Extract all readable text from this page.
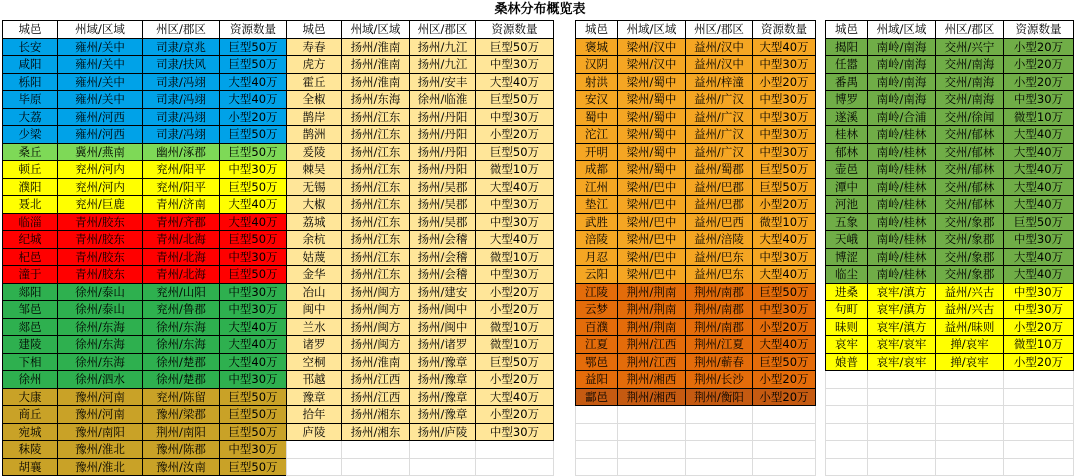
桑林分布概览表
城邑	州域/区域	州区/郡区	资源数量
长安	雍州/关中	司隶/京兆	巨型50万
咸阳	雍州/关中	司隶/扶风	巨型50万
栎阳	雍州/关中	司隶/冯翊	大型40万
毕原	雍州/关中	司隶/冯翊	大型40万
大荔	雍州/河西	司隶/冯翊	小型20万
少梁	雍州/河西	司隶/冯翊	巨型50万
桑丘	冀州/燕南	幽州/涿郡	巨型50万
顿丘	兖州/河内	兖州/阳平	中型30万
濮阳	兖州/河内	兖州/阳平	巨型50万
聂北	兖州/巨鹿	青州/济南	大型40万
临淄	青州/胶东	青州/齐郡	大型40万
纪城	青州/胶东	青州/北海	巨型50万
杞邑	青州/胶东	青州/北海	中型30万
潼于	青州/胶东	青州/北海	巨型50万
郯阳	徐州/泰山	兖州/山阳	中型30万
邹邑	徐州/泰山	兖州/鲁郡	中型30万
郯邑	徐州/东海	徐州/东海	大型40万
建陵	徐州/东海	徐州/东海	大型40万
下相	徐州/东海	徐州/楚郡	大型40万
徐州	徐州/泗水	徐州/楚郡	中型30万
大康	豫州/河南	兖州/陈留	巨型50万
商丘	豫州/河南	豫州/梁郡	巨型50万
宛城	豫州/南阳	荆州/南阳	巨型50万
秣陵	豫州/淮北	豫州/陈郡	中型30万
胡襄	豫州/淮北	豫州/汝南	巨型50万
城邑	州域/区域	州区/郡区	资源数量
寿春	扬州/淮南	扬州/九江	巨型50万
虎方	扬州/淮南	扬州/九江	中型30万
霍丘	扬州/淮南	扬州/安丰	大型40万
全椒	扬州/东海	徐州/临淮	巨型50万
鹊岸	扬州/江东	扬州/丹阳	中型30万
鹊洲	扬州/江东	扬州/丹阳	小型20万
爰陵	扬州/江东	扬州/丹阳	巨型50万
棘吴	扬州/江东	扬州/丹阳	微型10万
无锡	扬州/江东	扬州/吴郡	大型40万
大椒	扬州/江东	扬州/吴郡	中型30万
荔城	扬州/江东	扬州/吴郡	中型30万
余杭	扬州/江东	扬州/会稽	大型40万
姑蔑	扬州/江东	扬州/会稽	微型10万
金华	扬州/江东	扬州/会稽	中型30万
冶山	扬州/闽方	扬州/建安	小型20万
闽中	扬州/闽方	扬州/闽中	小型20万
兰水	扬州/闽方	扬州/闽中	微型10万
诸罗	扬州/闽方	扬州/诸罗	微型10万
空桐	扬州/淮南	扬州/豫章	巨型50万
邗越	扬州/江西	扬州/豫章	小型20万
豫章	扬州/江西	扬州/豫章	大型40万
拾年	扬州/湘东	扬州/豫章	小型20万
庐陵	扬州/湘东	扬州/庐陵	中型30万

城邑	州域/区域	州区/郡区	资源数量
褒城	梁州/汉中	益州/汉中	大型40万
汉阴	梁州/汉中	益州/汉中	中型30万
射洪	梁州/蜀中	益州/梓潼	小型20万
安汉	梁州/蜀中	益州/广汉	中型30万
蜀中	梁州/蜀中	益州/广汉	中型30万
沱江	梁州/蜀中	益州/广汉	中型30万
开明	梁州/蜀中	益州/广汉	中型30万
成都	梁州/蜀中	益州/蜀郡	巨型50万
江州	梁州/巴中	益州/巴郡	巨型50万
垫江	梁州/巴中	益州/巴郡	小型20万
武胜	梁州/巴中	益州/巴西	微型10万
涪陵	梁州/巴中	益州/涪陵	大型40万
月忍	梁州/巴中	益州/巴东	中型30万
云阳	梁州/巴中	益州/巴东	大型40万
江陵	荆州/荆南	荆州/南郡	巨型50万
云梦	荆州/荆南	荆州/南郡	中型30万
百濮	荆州/荆南	荆州/南郡	小型20万
江夏	荆州/江西	荆州/江夏	大型40万
鄂邑	荆州/江西	荆州/蕲春	巨型50万
益阳	荆州/湘西	荆州/长沙	小型20万
酃邑	荆州/湘西	荆州/衡阳	小型20万

城邑	州域/区域	州区/郡区	资源数量
揭阳	南岭/南海	交州/兴宁	小型20万
任嚣	南岭/南海	交州/南海	小型20万
番禺	南岭/南海	交州/南海	小型20万
博罗	南岭/南海	交州/南海	中型30万
遂溪	南岭/合浦	交州/徐闻	微型10万
桂林	南岭/桂林	交州/郁林	大型40万
郁林	南岭/桂林	交州/郁林	大型40万
壶邑	南岭/桂林	交州/郁林	大型40万
潭中	南岭/桂林	交州/郁林	大型40万
河池	南岭/桂林	交州/郁林	大型40万
五象	南岭/桂林	交州/象郡	巨型50万
天峨	南岭/桂林	交州/象郡	中型30万
博涩	南岭/桂林	交州/象郡	大型40万
临尘	南岭/桂林	交州/象郡	大型40万
进桑	哀牢/滇方	益州/兴古	中型30万
句町	哀牢/滇方	益州/兴古	中型30万
昧则	哀牢/滇方	益州/昧则	小型20万
哀牢	哀牢/哀牢	掸/哀牢	微型10万
娘普	哀牢/哀牢	掸/哀牢	小型20万
